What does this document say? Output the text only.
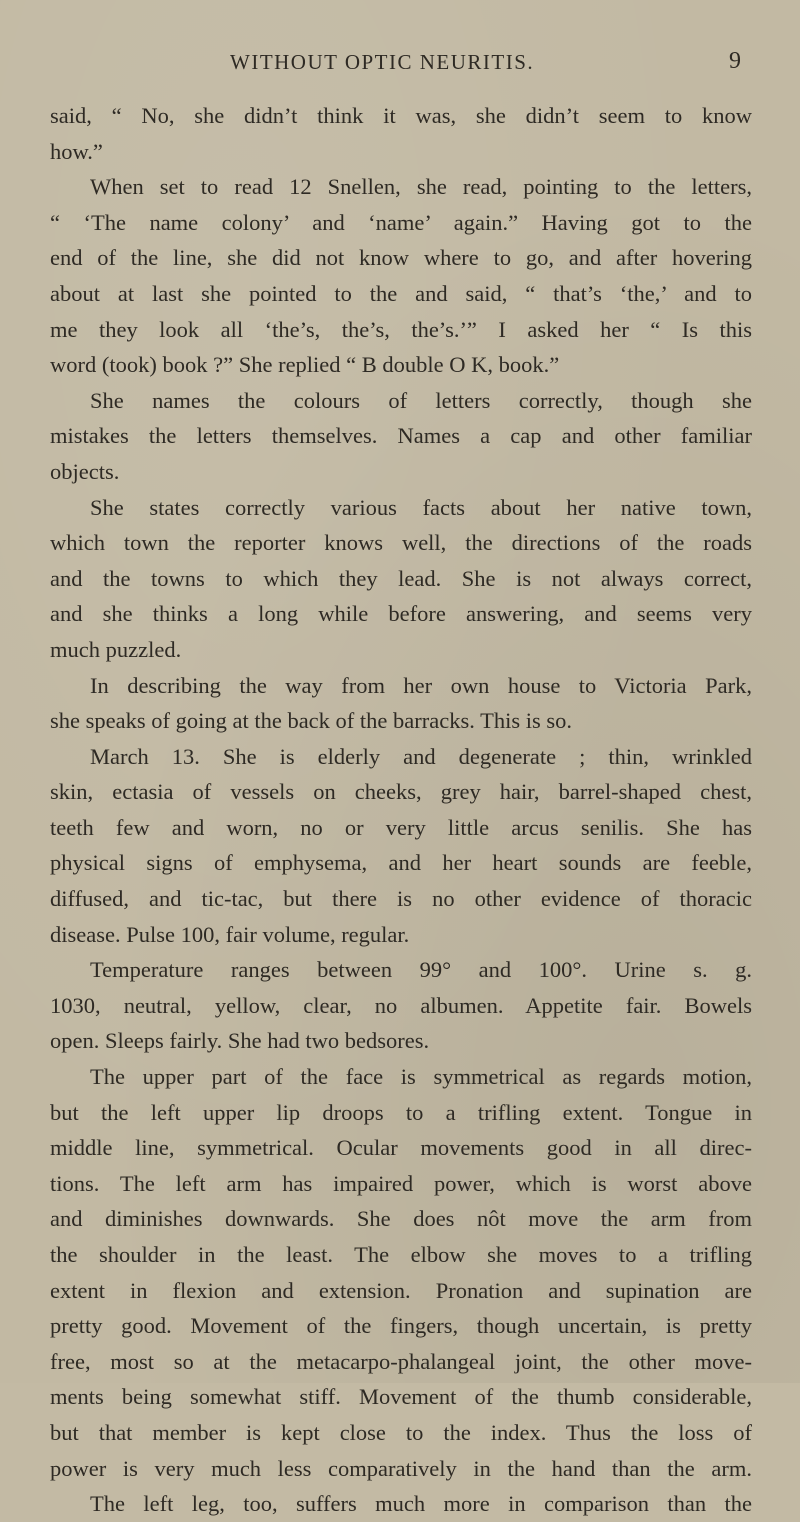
WITHOUT OPTIC NEURITIS.	9
said, “ No, she didn’t think it was, she didn’t seem to know
how.”
When set to read 12 Snellen, she read, pointing to the letters,
“ ‘The name colony’ and ‘name’ again.” Having got to the
end of the line, she did not know where to go, and after hovering
about at last she pointed to the and said, “ that’s ‘the,’ and to
me they look all ‘the’s, the’s, the’s.’” I asked her “ Is this
word (took) book ?” She replied “ B double O K, book.”
She names the colours of letters correctly, though she
mistakes the letters themselves. Names a cap and other familiar
objects.
She states correctly various facts about her native town,
which town the reporter knows well, the directions of the roads
and the towns to which they lead. She is not always correct,
and she thinks a long while before answering, and seems very
much puzzled.
In describing the way from her own house to Victoria Park,
she speaks of going at the back of the barracks. This is so.
March 13. She is elderly and degenerate ; thin, wrinkled
skin, ectasia of vessels on cheeks, grey hair, barrel-shaped chest,
teeth few and worn, no or very little arcus senilis. She has
physical signs of emphysema, and her heart sounds are feeble,
diffused, and tic-tac, but there is no other evidence of thoracic
disease. Pulse 100, fair volume, regular.
Temperature ranges between 99° and 100°. Urine s. g.
1030, neutral, yellow, clear, no albumen. Appetite fair. Bowels
open. Sleeps fairly. She had two bedsores.
The upper part of the face is symmetrical as regards motion,
but the left upper lip droops to a trifling extent. Tongue in
middle line, symmetrical. Ocular movements good in all direc-
tions. The left arm has impaired power, which is worst above
and diminishes downwards. She does nôt move the arm from
the shoulder in the least. The elbow she moves to a trifling
extent in flexion and extension. Pronation and supination are
pretty good. Movement of the fingers, though uncertain, is pretty
free, most so at the metacarpo-phalangeal joint, the other move-
ments being somewhat stiff. Movement of the thumb considerable,
but that member is kept close to the index. Thus the loss of
power is very much less comparatively in the hand than the arm.
The left leg, too, suffers much more in comparison than the
